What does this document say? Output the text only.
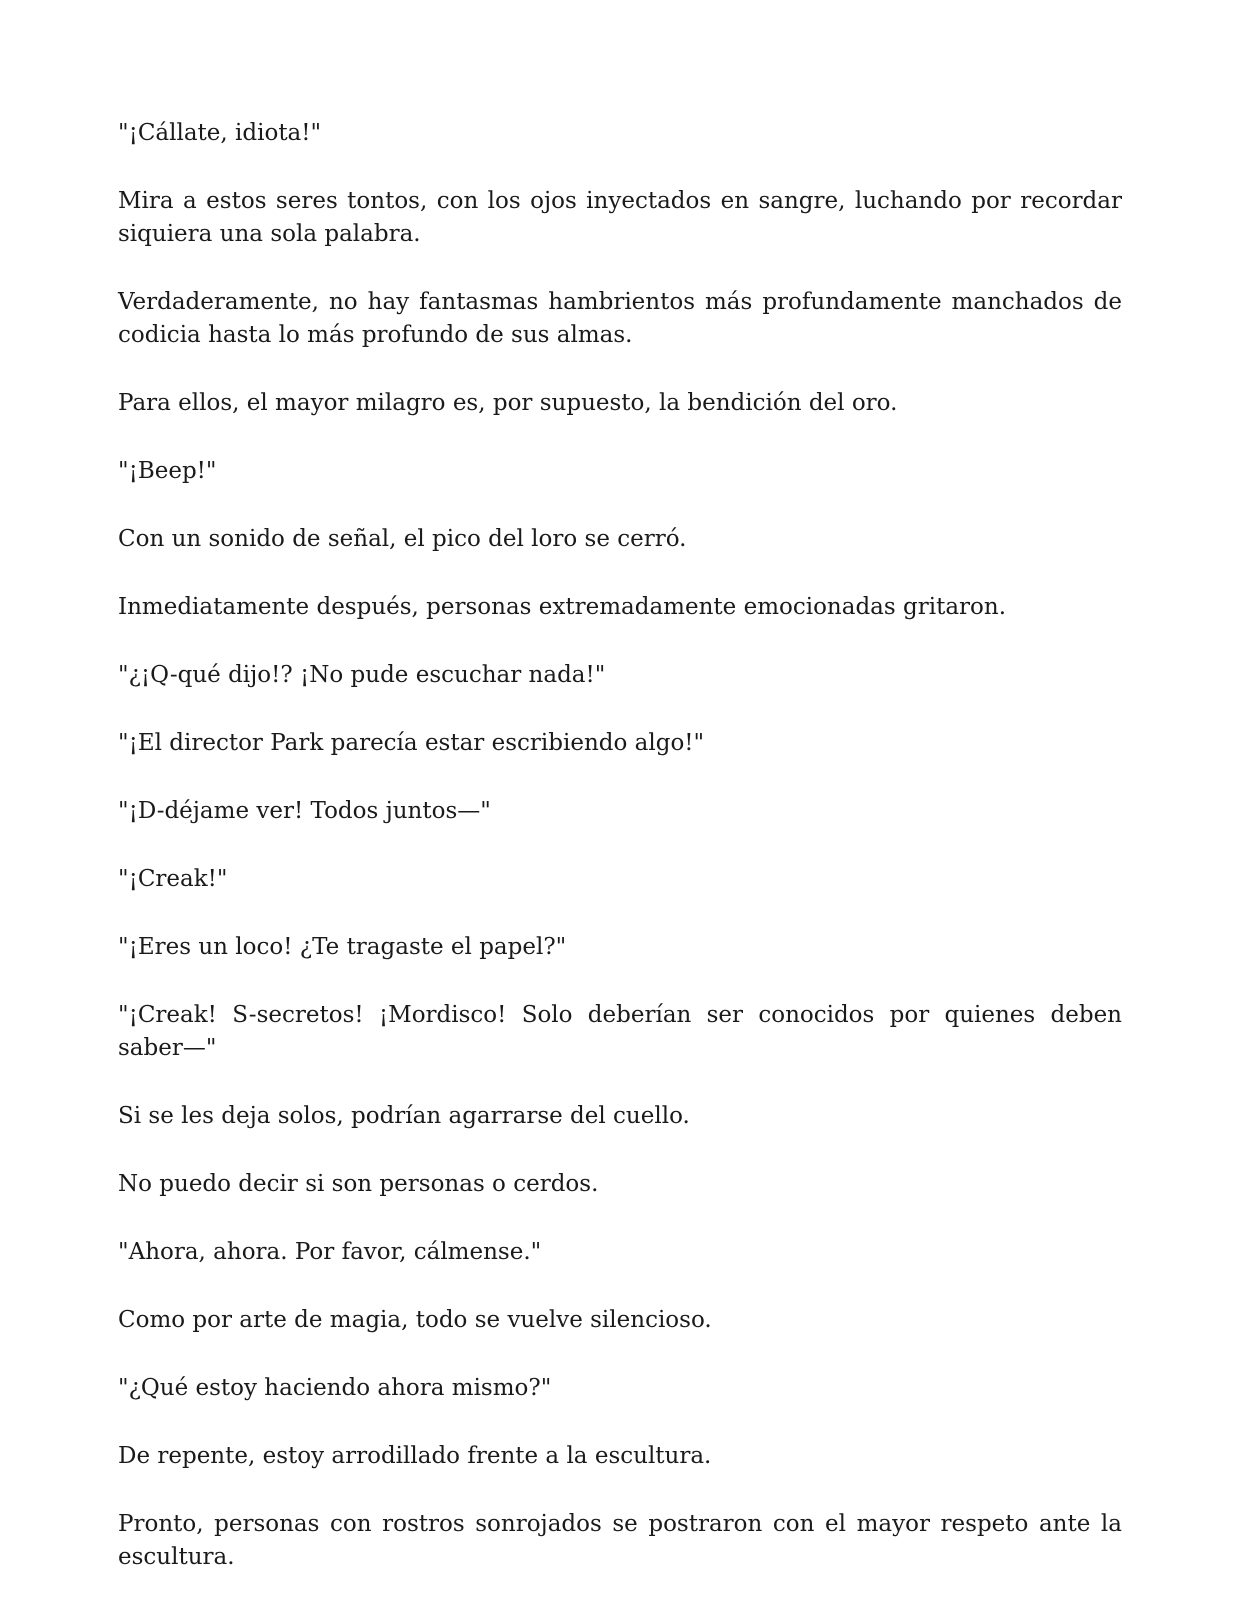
"¡Cállate, idiota!"

Mira a estos seres tontos, con los ojos inyectados en sangre, luchando por recordar siquiera una sola palabra.

Verdaderamente, no hay fantasmas hambrientos más profundamente manchados de codicia hasta lo más profundo de sus almas.

Para ellos, el mayor milagro es, por supuesto, la bendición del oro.

"¡Beep!"

Con un sonido de señal, el pico del loro se cerró.

Inmediatamente después, personas extremadamente emocionadas gritaron.

"¿¡Q-qué dijo!? ¡No pude escuchar nada!"

"¡El director Park parecía estar escribiendo algo!"

"¡D-déjame ver! Todos juntos—"

"¡Creak!"

"¡Eres un loco! ¿Te tragaste el papel?"

"¡Creak! S-secretos! ¡Mordisco! Solo deberían ser conocidos por quienes deben saber—"

Si se les deja solos, podrían agarrarse del cuello.

No puedo decir si son personas o cerdos.

"Ahora, ahora. Por favor, cálmense."

Como por arte de magia, todo se vuelve silencioso.

"¿Qué estoy haciendo ahora mismo?"

De repente, estoy arrodillado frente a la escultura.

Pronto, personas con rostros sonrojados se postraron con el mayor respeto ante la escultura.
